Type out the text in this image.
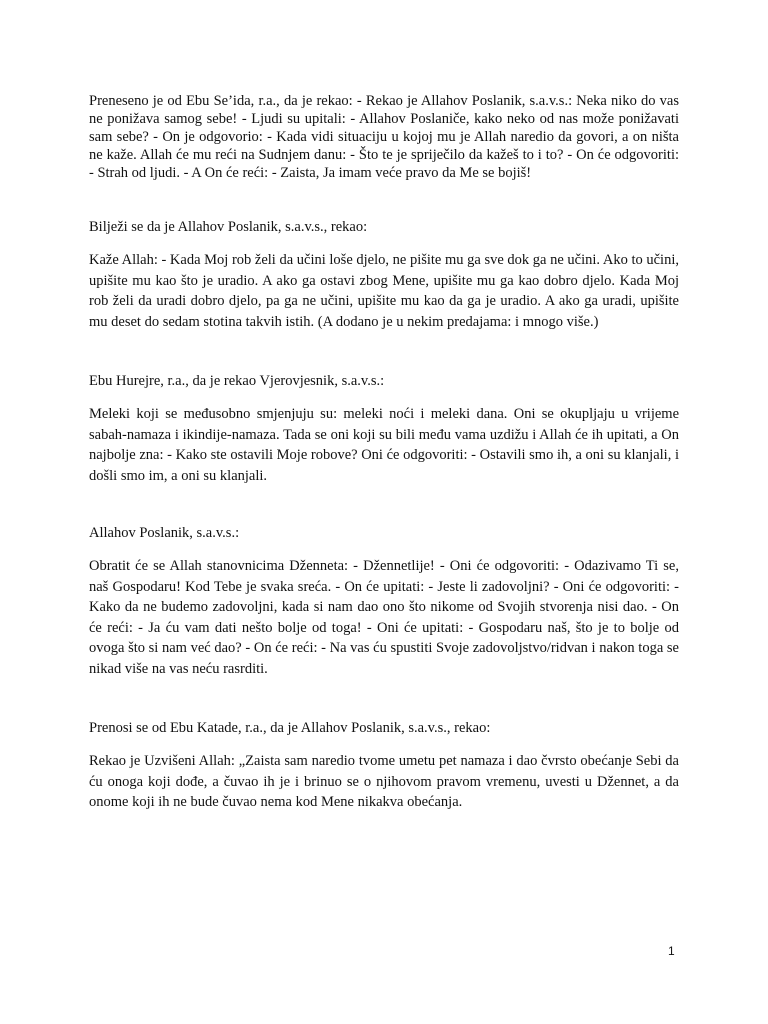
Preneseno je od Ebu Se’ida, r.a., da je rekao: - Rekao je Allahov Poslanik, s.a.v.s.: Neka niko do vas ne ponižava samog sebe! - Ljudi su upitali: - Allahov Poslaniče, kako neko od nas može ponižavati sam sebe? - On je odgovorio: - Kada vidi situaciju u kojoj mu je Allah naredio da govori, a on ništa ne kaže. Allah će mu reći na Sudnjem danu: - Što te je spriječilo da kažeš to i to? - On će odgovoriti: - Strah od ljudi. - A On će reći: - Zaista, Ja imam veće pravo da Me se bojiš!

Bilježi se da je Allahov Poslanik, s.a.v.s., rekao:

Kaže Allah: - Kada Moj rob želi da učini loše djelo, ne pišite mu ga sve dok ga ne učini. Ako to učini, upišite mu kao što je uradio. A ako ga ostavi zbog Mene, upišite mu ga kao dobro djelo. Kada Moj rob želi da uradi dobro djelo, pa ga ne učini, upišite mu kao da ga je uradio. A ako ga uradi, upišite mu deset do sedam stotina takvih istih. (A dodano je u nekim predajama: i mnogo više.)

Ebu Hurejre, r.a., da je rekao Vjerovjesnik, s.a.v.s.:

Meleki koji se međusobno smjenjuju su: meleki noći i meleki dana. Oni se okupljaju u vrijeme sabah-namaza i ikindije-namaza. Tada se oni koji su bili među vama uzdižu i Allah će ih upitati, a On najbolje zna: - Kako ste ostavili Moje robove? Oni će odgovoriti: - Ostavili smo ih, a oni su klanjali, i došli smo im, a oni su klanjali.

Allahov Poslanik, s.a.v.s.:

Obratit će se Allah stanovnicima Dženneta: - Džennetlije! - Oni će odgovoriti: - Odazivamo Ti se, naš Gospodaru! Kod Tebe je svaka sreća. - On će upitati: - Jeste li zadovoljni? - Oni će odgovoriti: - Kako da ne budemo zadovoljni, kada si nam dao ono što nikome od Svojih stvorenja nisi dao. - On će reći: - Ja ću vam dati nešto bolje od toga! - Oni će upitati: - Gospodaru naš, što je to bolje od ovoga što si nam već dao? - On će reći: - Na vas ću spustiti Svoje zadovoljstvo/ridvan i nakon toga se nikad više na vas neću rasrditi.

Prenosi se od Ebu Katade, r.a., da je Allahov Poslanik, s.a.v.s., rekao:

Rekao je Uzvišeni Allah: „Zaista sam naredio tvome umetu pet namaza i dao čvrsto obećanje Sebi da ću onoga koji dođe, a čuvao ih je i brinuo se o njihovom pravom vremenu, uvesti u Džennet, a da onome koji ih ne bude čuvao nema kod Mene nikakva obećanja.

1
